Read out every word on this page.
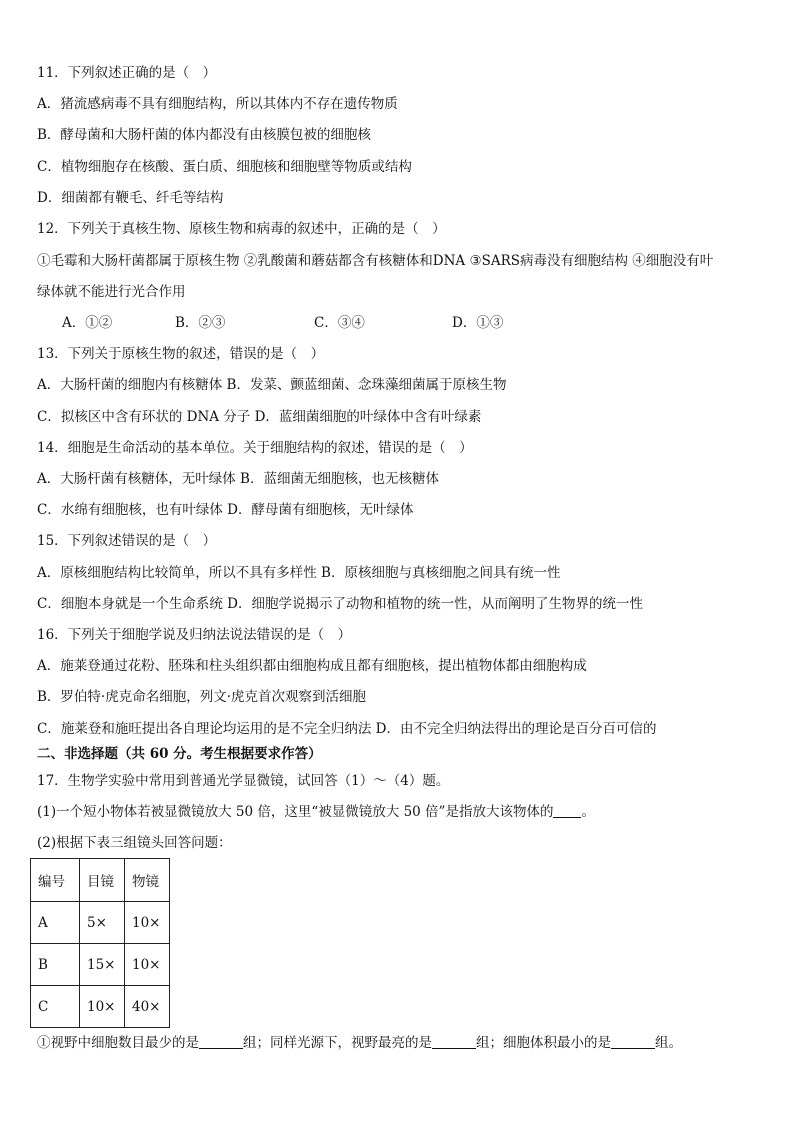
11．下列叙述正确的是（　）
A．猪流感病毒不具有细胞结构，所以其体内不存在遗传物质
B．酵母菌和大肠杆菌的体内都没有由核膜包被的细胞核
C．植物细胞存在核酸、蛋白质、细胞核和细胞壁等物质或结构
D．细菌都有鞭毛、纤毛等结构
12．下列关于真核生物、原核生物和病毒的叙述中，正确的是（　）
①毛霉和大肠杆菌都属于原核生物 ②乳酸菌和蘑菇都含有核糖体和DNA ③SARS病毒没有细胞结构 ④细胞没有叶
绿体就不能进行光合作用
A．①②	B．②③	C．③④	D．①③
13．下列关于原核生物的叙述，错误的是（　）
A．大肠杆菌的细胞内有核糖体 B．发菜、颤蓝细菌、念珠藻细菌属于原核生物
C．拟核区中含有环状的 DNA 分子 D．蓝细菌细胞的叶绿体中含有叶绿素
14．细胞是生命活动的基本单位。关于细胞结构的叙述，错误的是（　）
A．大肠杆菌有核糖体，无叶绿体 B．蓝细菌无细胞核，也无核糖体
C．水绵有细胞核，也有叶绿体 D．酵母菌有细胞核，无叶绿体
15．下列叙述错误的是（　）
A．原核细胞结构比较简单，所以不具有多样性 B．原核细胞与真核细胞之间具有统一性
C．细胞本身就是一个生命系统 D．细胞学说揭示了动物和植物的统一性，从而阐明了生物界的统一性
16．下列关于细胞学说及归纳法说法错误的是（　）
A．施莱登通过花粉、胚珠和柱头组织都由细胞构成且都有细胞核，提出植物体都由细胞构成
B．罗伯特·虎克命名细胞，列文·虎克首次观察到活细胞
C．施莱登和施旺提出各自理论均运用的是不完全归纳法 D．由不完全归纳法得出的理论是百分百可信的
二、非选择题（共 60 分。考生根据要求作答）
17．生物学实验中常用到普通光学显微镜，试回答（1）～（4）题。
(1)一个短小物体若被显微镜放大 50 倍，这里“被显微镜放大 50 倍”是指放大该物体的 。
(2)根据下表三组镜头回答问题：
编号	目镜	物镜
A	5×	10×
B	15×	10×
C	10×	40×
①视野中细胞数目最少的是	组；同样光源下，视野最亮的是	组；细胞体积最小的是	组。
